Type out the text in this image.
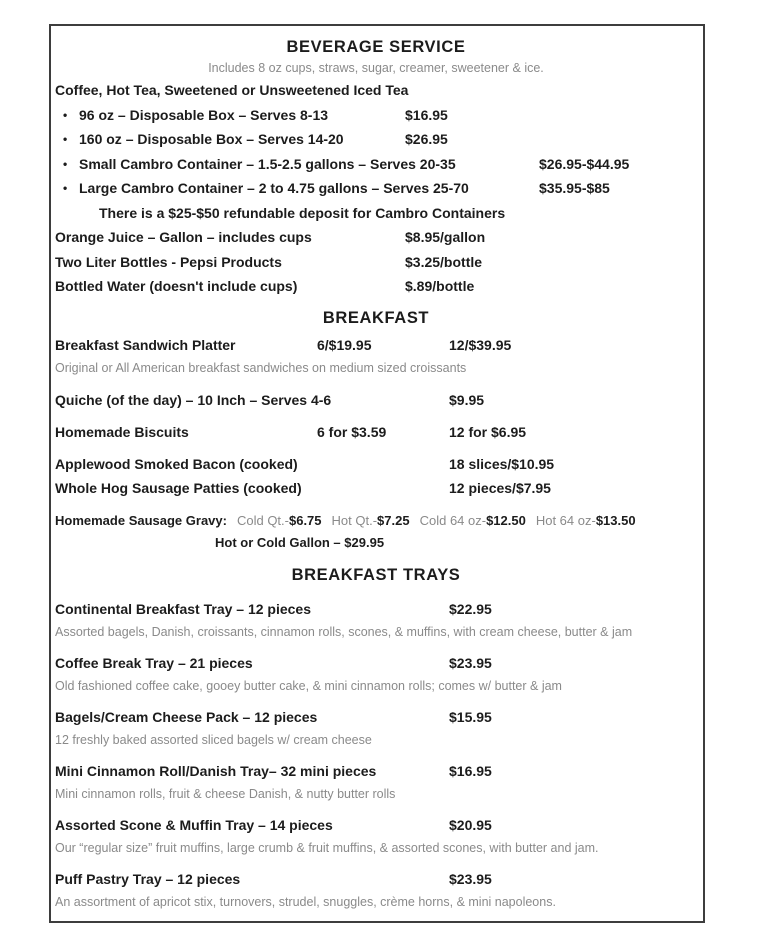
BEVERAGE SERVICE
Includes 8 oz cups, straws, sugar, creamer, sweetener & ice.
Coffee, Hot Tea, Sweetened or Unsweetened Iced Tea
• 96 oz – Disposable Box – Serves 8-13	$16.95
• 160 oz – Disposable Box – Serves 14-20	$26.95
• Small Cambro Container – 1.5-2.5 gallons – Serves 20-35	$26.95-$44.95
• Large Cambro Container – 2 to 4.75 gallons – Serves 25-70	$35.95-$85
There is a $25-$50 refundable deposit for Cambro Containers
Orange Juice – Gallon – includes cups	$8.95/gallon
Two Liter Bottles - Pepsi Products	$3.25/bottle
Bottled Water (doesn't include cups)	$.89/bottle
BREAKFAST
Breakfast Sandwich Platter	6/$19.95	12/$39.95
Original or All American breakfast sandwiches on medium sized croissants
Quiche (of the day) – 10 Inch – Serves 4-6	$9.95
Homemade Biscuits	6 for $3.59	12 for $6.95
Applewood Smoked Bacon (cooked)	18 slices/$10.95
Whole Hog Sausage Patties (cooked)	12 pieces/$7.95
Homemade Sausage Gravy: Cold Qt.-$6.75 Hot Qt.-$7.25 Cold 64 oz-$12.50 Hot 64 oz-$13.50
Hot or Cold Gallon – $29.95
BREAKFAST TRAYS
Continental Breakfast Tray – 12 pieces	$22.95
Assorted bagels, Danish, croissants, cinnamon rolls, scones, & muffins, with cream cheese, butter & jam
Coffee Break Tray – 21 pieces	$23.95
Old fashioned coffee cake, gooey butter cake, & mini cinnamon rolls; comes w/ butter & jam
Bagels/Cream Cheese Pack – 12 pieces	$15.95
12 freshly baked assorted sliced bagels w/ cream cheese
Mini Cinnamon Roll/Danish Tray– 32 mini pieces	$16.95
Mini cinnamon rolls, fruit & cheese Danish, & nutty butter rolls
Assorted Scone & Muffin Tray – 14 pieces	$20.95
Our “regular size” fruit muffins, large crumb & fruit muffins, & assorted scones, with butter and jam.
Puff Pastry Tray – 12 pieces	$23.95
An assortment of apricot stix, turnovers, strudel, snuggles, crème horns, & mini napoleons.
